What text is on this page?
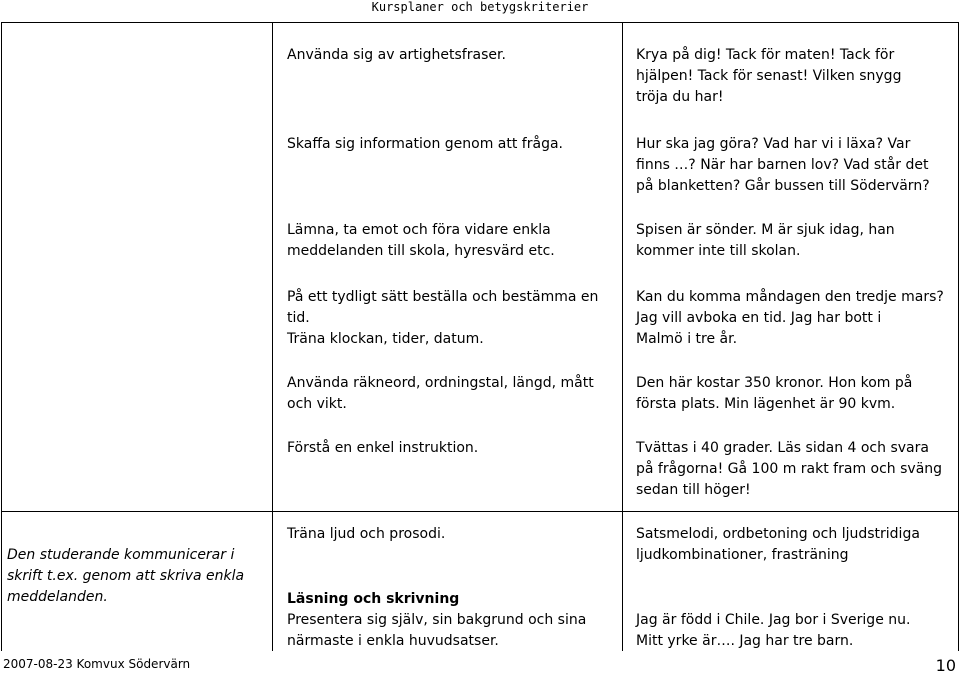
Kursplaner och betygskriterier
Den studerande kommunicerar i
skrift t.ex. genom att skriva enkla
meddelanden.
Använda sig av artighetsfraser.
Skaffa sig information genom att fråga.
Lämna, ta emot och föra vidare enkla
meddelanden till skola, hyresvärd etc.
På ett tydligt sätt beställa och bestämma en
tid.
Träna klockan, tider, datum.
Använda räkneord, ordningstal, längd, mått
och vikt.
Förstå en enkel instruktion.
Träna ljud och prosodi.
Läsning och skrivning
Presentera sig själv, sin bakgrund och sina
närmaste i enkla huvudsatser.
Krya på dig! Tack för maten! Tack för
hjälpen! Tack för senast! Vilken snygg
tröja du har!
Hur ska jag göra? Vad har vi i läxa? Var
finns …? När har barnen lov? Vad står det
på blanketten? Går bussen till Södervärn?
Spisen är sönder. M är sjuk idag, han
kommer inte till skolan.
Kan du komma måndagen den tredje mars?
Jag vill avboka en tid. Jag har bott i
Malmö i tre år.
Den här kostar 350 kronor. Hon kom på
första plats. Min lägenhet är 90 kvm.
Tvättas i 40 grader. Läs sidan 4 och svara
på frågorna! Gå 100 m rakt fram och sväng
sedan till höger!
Satsmelodi, ordbetoning och ljudstridiga
ljudkombinationer, frasträning
Jag är född i Chile. Jag bor i Sverige nu.
Mitt yrke är…. Jag har tre barn.
2007-08-23 Komvux Södervärn	10
